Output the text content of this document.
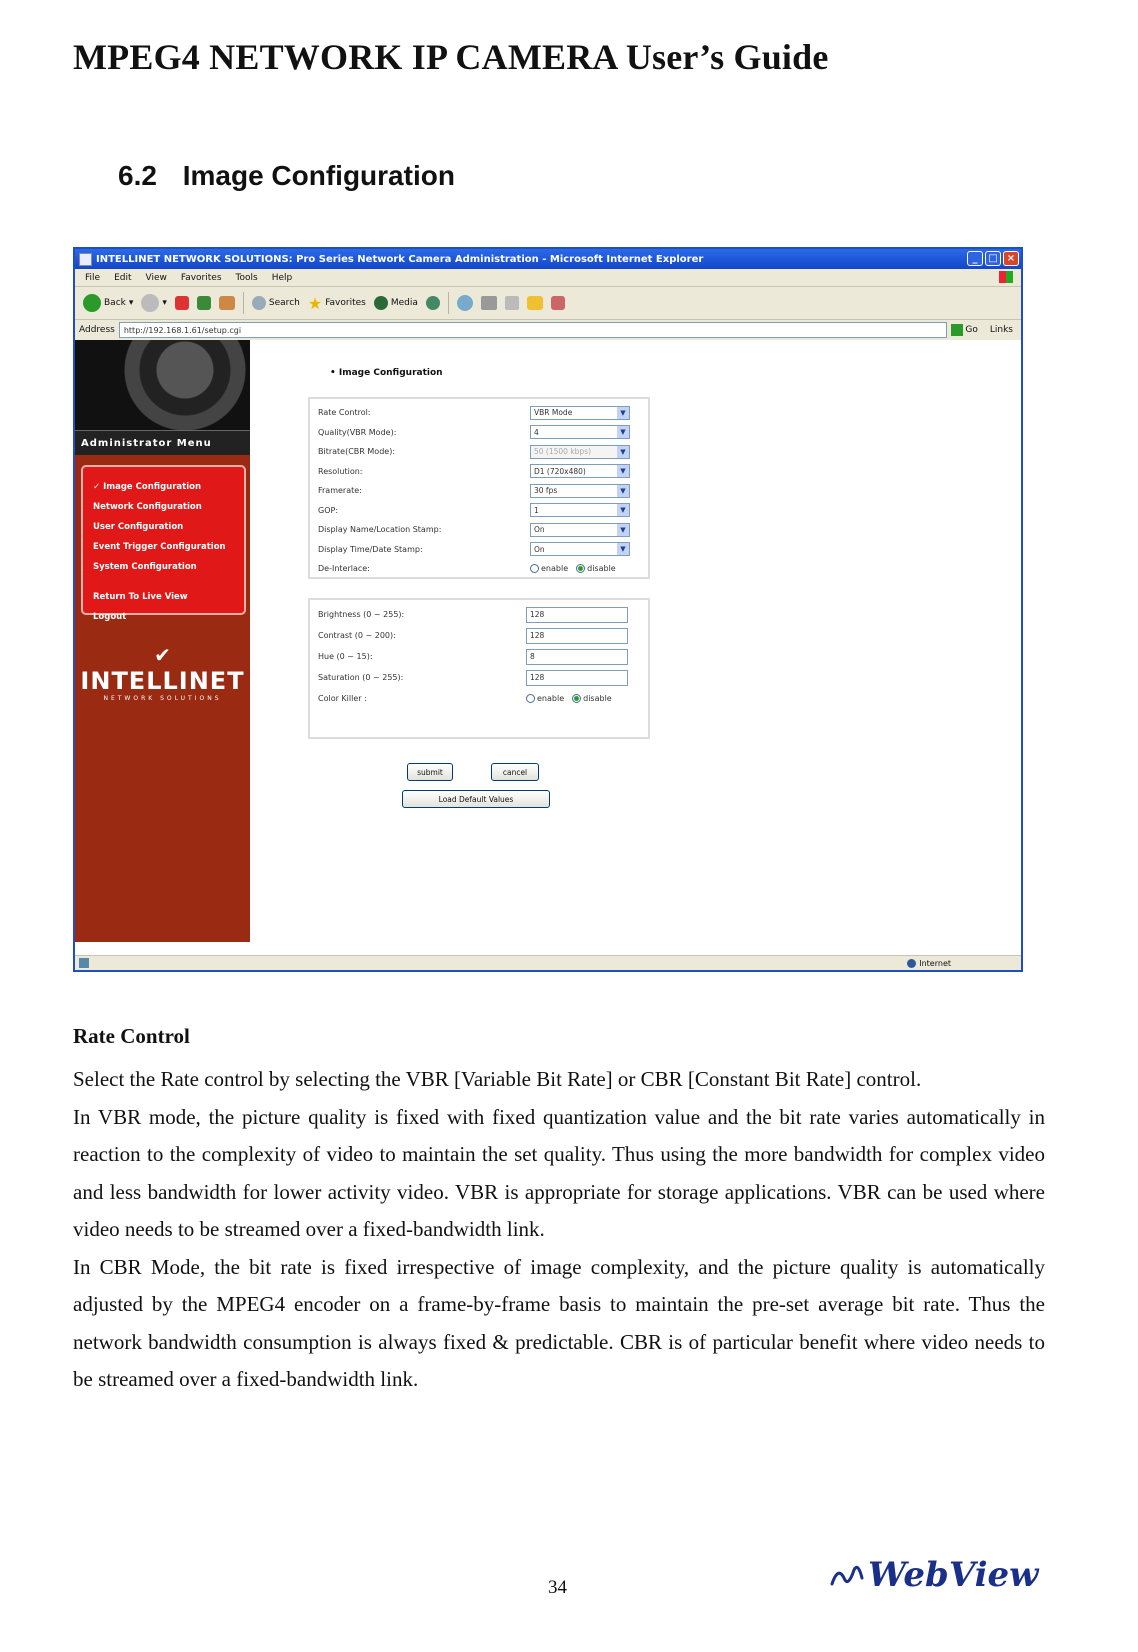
MPEG4 NETWORK IP CAMERA User’s Guide
6.2 Image Configuration
INTELLINET NETWORK SOLUTIONS: Pro Series Network Camera Administration - Microsoft Internet Explorer	_	□ ×
File Edit View Favorites Tools Help
Back ▾	▾	Search ★ Favorites	Media
Address	http://192.168.1.61/setup.cgi	Go	Links
Administrator Menu
✓ Image Configuration
Network Configuration
User Configuration
Event Trigger Configuration
System Configuration
Return To Live View
Logout
✔
INTELLINET
NETWORK SOLUTIONS
• Image Configuration
Rate Control:	VBR Mode	▼
Quality(VBR Mode):	4	▼
Bitrate(CBR Mode):	50 (1500 kbps)	▼
Resolution:	D1 (720x480)	▼
Framerate:	30 fps	▼
GOP:	1	▼
Display Name/Location Stamp:	On	▼
Display Time/Date Stamp:	On	▼
De-Interlace:	enable	disable
Brightness (0 ~ 255):	128
Contrast (0 ~ 200):	128
Hue (0 ~ 15):	8
Saturation (0 ~ 255):	128
Color Killer :	enable	disable
submit	cancel
Load Default Values
Internet
Rate Control
Select the Rate control by selecting the VBR [Variable Bit Rate] or CBR [Constant Bit Rate] control.
In VBR mode, the picture quality is fixed with fixed quantization value and the bit rate varies automatically in reaction to the complexity of video to maintain the set quality. Thus using the more bandwidth for complex video and less bandwidth for lower activity video. VBR is appropriate for storage applications. VBR can be used where video needs to be streamed over a fixed-bandwidth link.
In CBR Mode, the bit rate is fixed irrespective of image complexity, and the picture quality is automatically adjusted by the MPEG4 encoder on a frame-by-frame basis to maintain the pre-set average bit rate. Thus the network bandwidth consumption is always fixed & predictable. CBR is of particular benefit where video needs to be streamed over a fixed-bandwidth link.
34	WebView
